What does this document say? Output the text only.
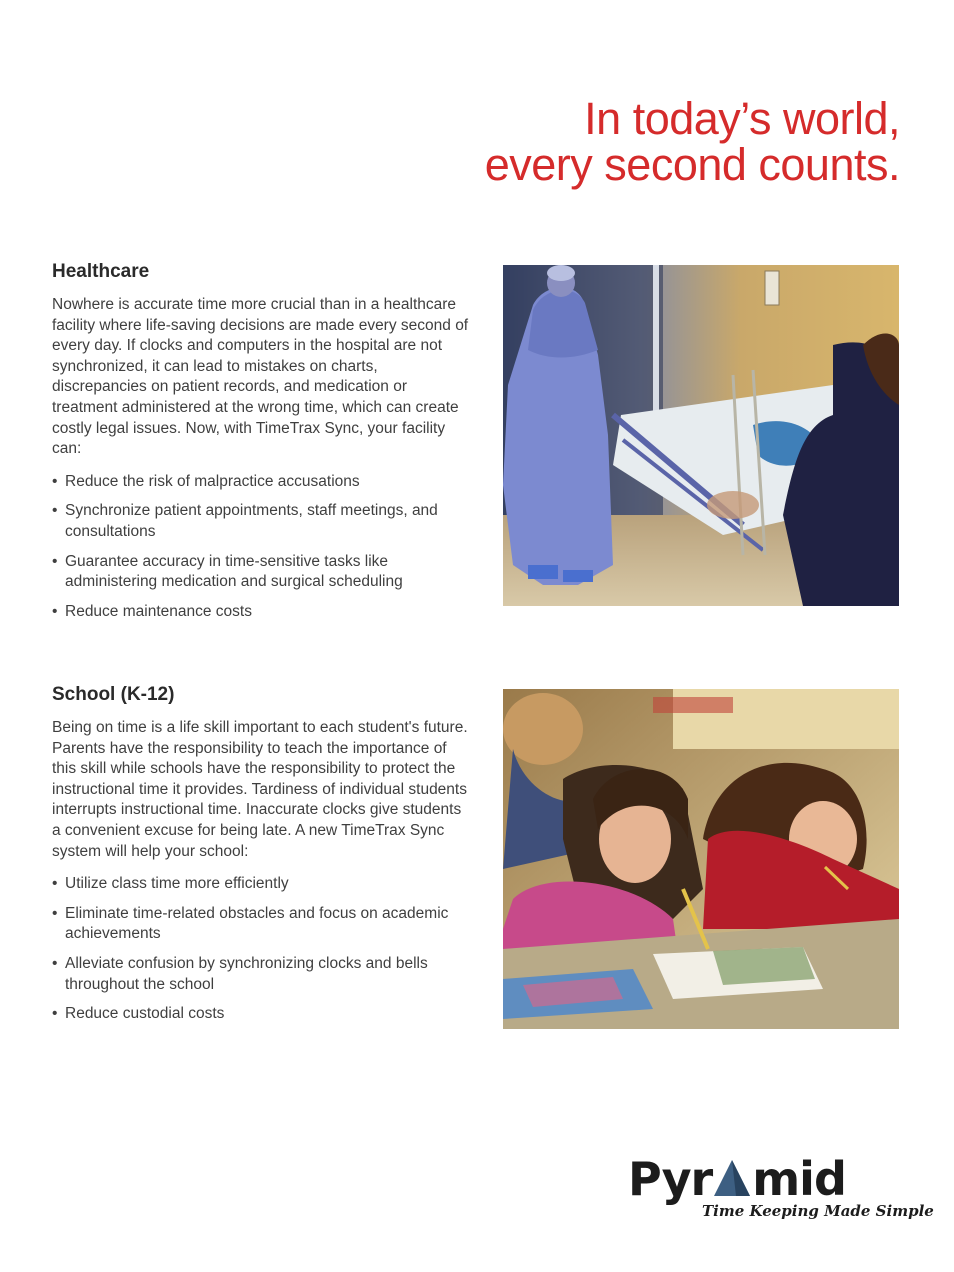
In today’s world,
every second counts.
Healthcare

Nowhere is accurate time more crucial than in a healthcare facility where life-saving decisions are made every second of every day. If clocks and computers in the hospital are not synchronized, it can lead to mistakes on charts, discrepancies on patient records, and medication or treatment administered at the wrong time, which can create costly legal issues. Now, with TimeTrax Sync, your facility can:

• Reduce the risk of malpractice accusations
• Synchronize patient appointments, staff meetings, and consultations
• Guarantee accuracy in time-sensitive tasks like administering medication and surgical scheduling
• Reduce maintenance costs
School (K-12)

Being on time is a life skill important to each student's future. Parents have the responsibility to teach the importance of this skill while schools have the responsibility to protect the instructional time it provides. Tardiness of individual students interrupts instructional time. Inaccurate clocks give students a convenient excuse for being late. A new TimeTrax Sync system will help your school:

• Utilize class time more efficiently
• Eliminate time-related obstacles and focus on academic achievements
• Alleviate confusion by synchronizing clocks and bells throughout the school
• Reduce custodial costs
Pyr mid
Time Keeping Made Simple
